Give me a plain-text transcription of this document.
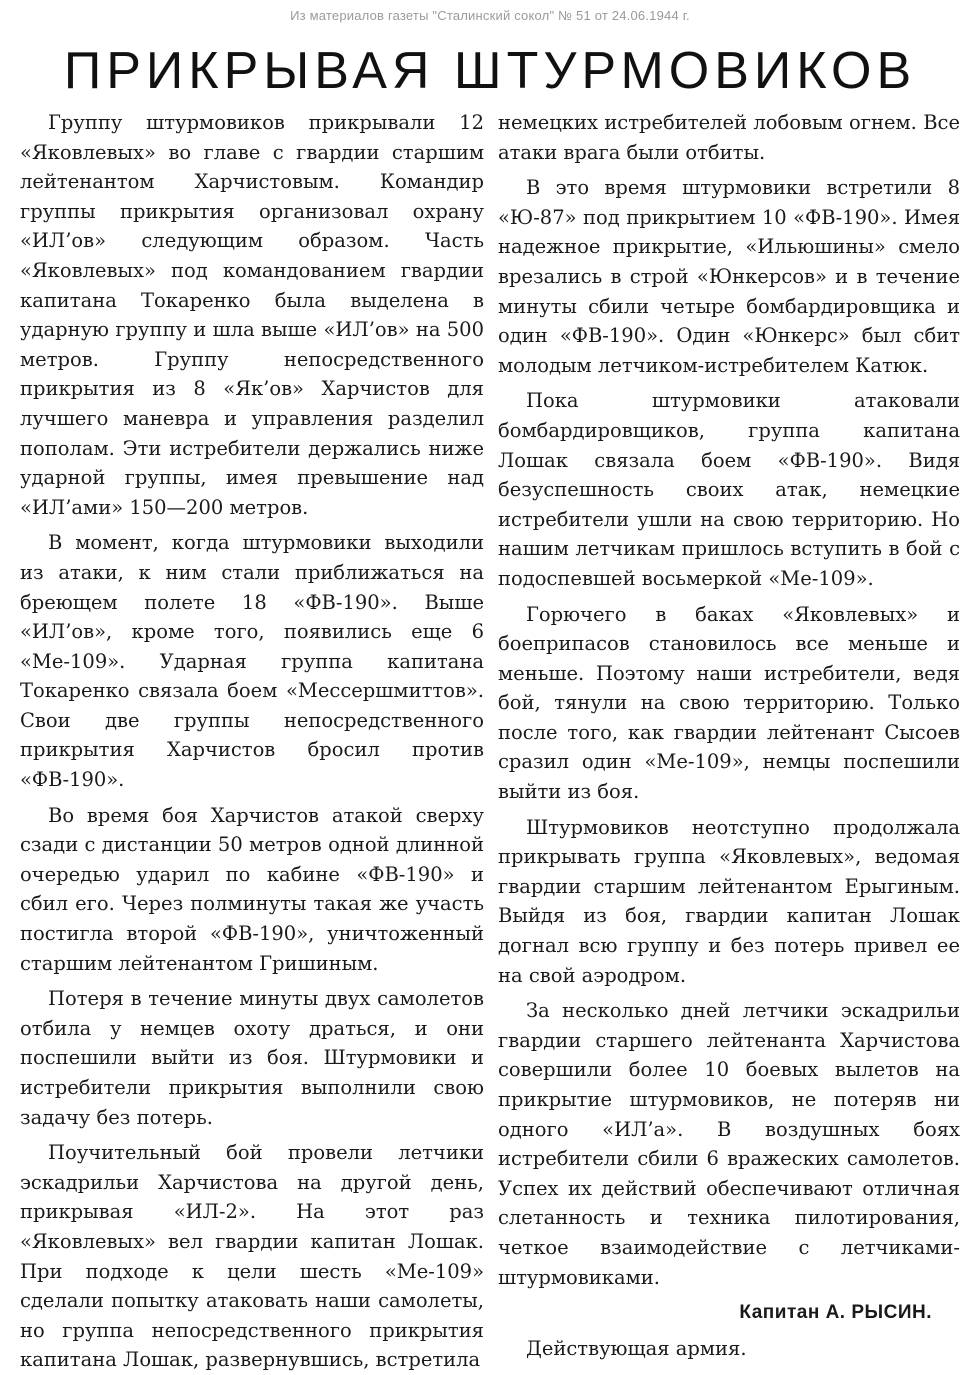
Из материалов газеты "Сталинский сокол" № 51 от 24.06.1944 г.
ПРИКРЫВАЯ ШТУРМОВИКОВ

Группу штурмовиков прикрывали 12 «Яковлевых» во главе с гвардии старшим лейтенантом Харчистовым. Командир группы прикрытия организовал охрану «ИЛ’ов» следующим образом. Часть «Яковлевых» под командованием гвардии капитана Токаренко была выделена в ударную группу и шла выше «ИЛ’ов» на 500 метров. Группу непосредственного прикрытия из 8 «Як’ов» Харчистов для лучшего маневра и управления разделил пополам. Эти истребители держались ниже ударной группы, имея превышение над «ИЛ’ами» 150—200 метров.

В момент, когда штурмовики выходили из атаки, к ним стали приближаться на бреющем полете 18 «ФВ-190». Выше «ИЛ’ов», кроме того, появились еще 6 «Ме-109». Ударная группа капитана Токаренко связала боем «Мессершмиттов». Свои две группы непосредственного прикрытия Харчистов бросил против «ФВ-190».

Во время боя Харчистов атакой сверху сзади с дистанции 50 метров одной длинной очередью ударил по кабине «ФВ-190» и сбил его. Через полминуты такая же участь постигла второй «ФВ-190», уничтоженный старшим лейтенантом Гришиным.

Потеря в течение минуты двух самолетов отбила у немцев охоту драться, и они поспешили выйти из боя. Штурмовики и истребители прикрытия выполнили свою задачу без потерь.

Поучительный бой провели летчики эскадрильи Харчистова на другой день, прикрывая «ИЛ-2». На этот раз «Яковлевых» вел гвардии капитан Лошак. При подходе к цели шесть «Ме-109» сделали попытку атаковать наши самолеты, но группа непосредственного прикрытия капитана Лошак, развернувшись, встретила

немецких истребителей лобовым огнем. Все атаки врага были отбиты.

В это время штурмовики встретили 8 «Ю-87» под прикрытием 10 «ФВ-190». Имея надежное прикрытие, «Ильюшины» смело врезались в строй «Юнкерсов» и в течение минуты сбили четыре бомбардировщика и один «ФВ-190». Один «Юнкерс» был сбит молодым летчиком-истребителем Катюк.

Пока штурмовики атаковали бомбардировщиков, группа капитана Лошак связала боем «ФВ-190». Видя безуспешность своих атак, немецкие истребители ушли на свою территорию. Но нашим летчикам пришлось вступить в бой с подоспевшей восьмеркой «Ме-109».

Горючего в баках «Яковлевых» и боеприпасов становилось все меньше и меньше. Поэтому наши истребители, ведя бой, тянули на свою территорию. Только после того, как гвардии лейтенант Сысоев сразил один «Ме-109», немцы поспешили выйти из боя.

Штурмовиков неотступно продолжала прикрывать группа «Яковлевых», ведомая гвардии старшим лейтенантом Ерыгиным. Выйдя из боя, гвардии капитан Лошак догнал всю группу и без потерь привел ее на свой аэродром.

За несколько дней летчики эскадрильи гвардии старшего лейтенанта Харчистова совершили более 10 боевых вылетов на прикрытие штурмовиков, не потеряв ни одного «ИЛ’а». В воздушных боях истребители сбили 6 вражеских самолетов. Успех их действий обеспечивают отличная слетанность и техника пилотирования, четкое взаимодействие с летчиками-штурмовиками.

Капитан А. РЫСИН.

Действующая армия.
